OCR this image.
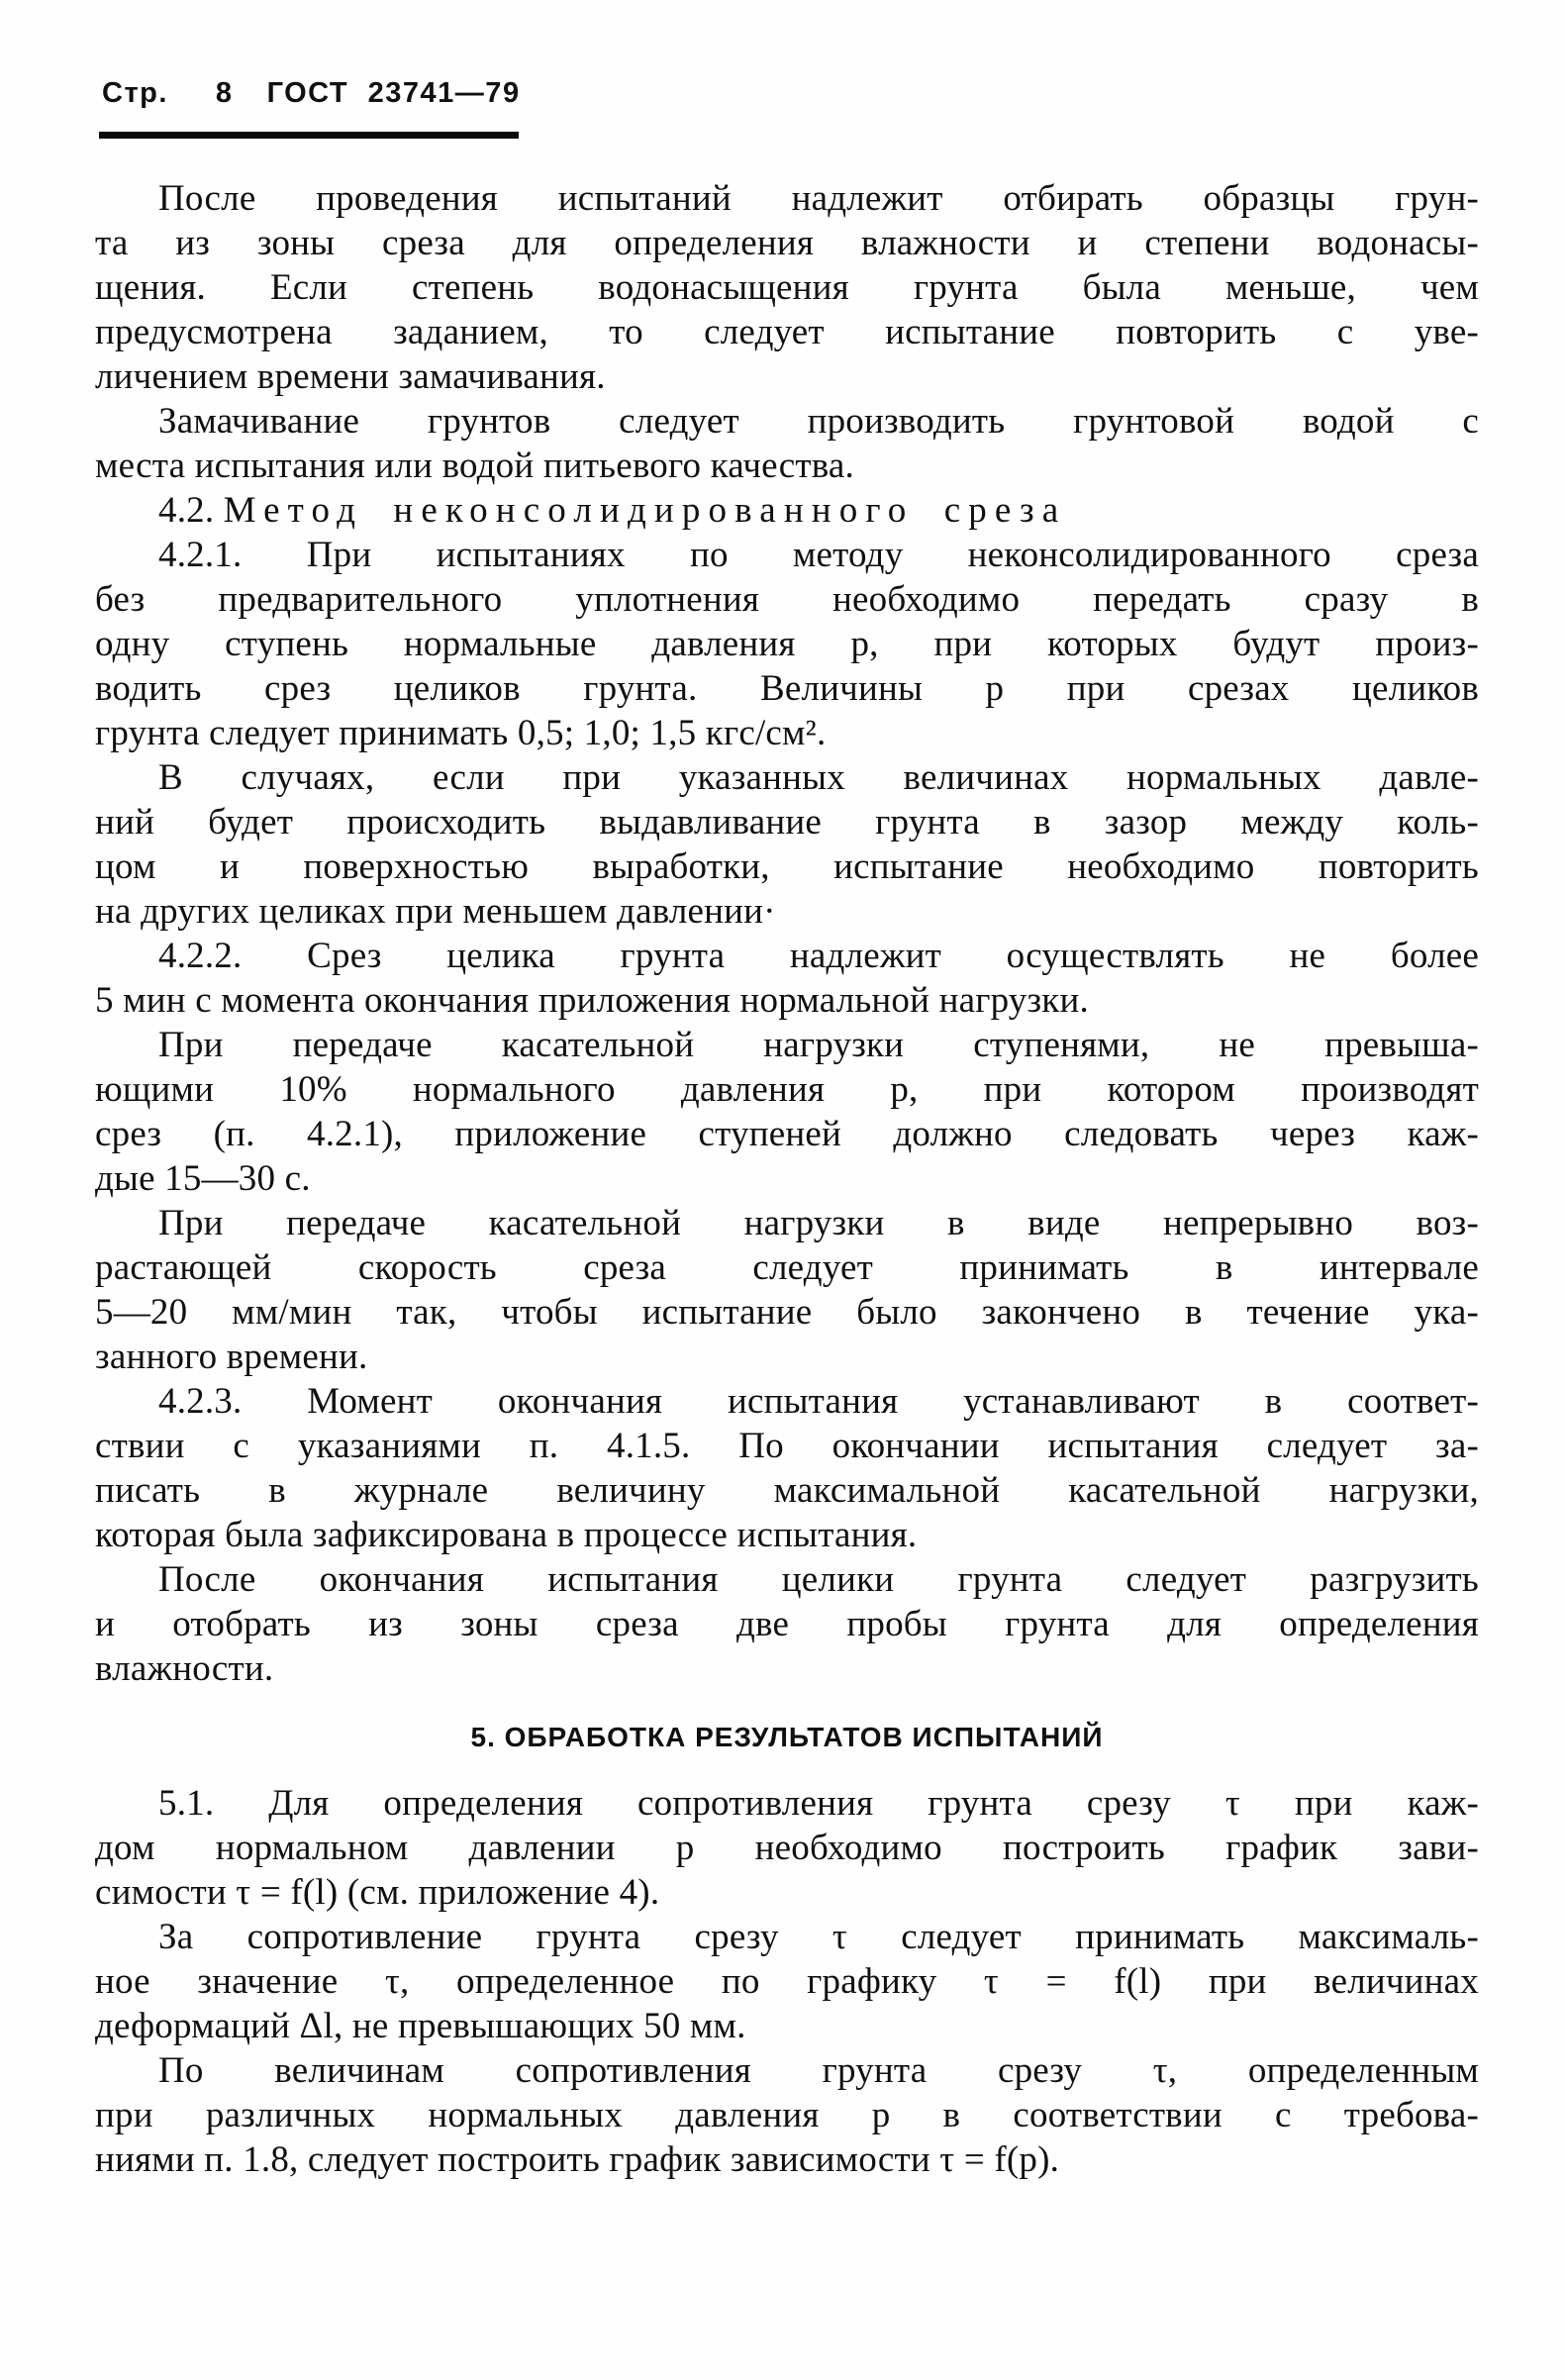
Стр. 8 ГОСТ 23741—79
После проведения испытаний надлежит отбирать образцы грун-
та из зоны среза для определения влажности и степени водонасы-
щения. Если степень водонасыщения грунта была меньше, чем
предусмотрена заданием, то следует испытание повторить с уве-
личением времени замачивания.
Замачивание грунтов следует производить грунтовой водой с
места испытания или водой питьевого качества.
4.2. Метод неконсолидированного среза
4.2.1. При испытаниях по методу неконсолидированного среза
без предварительного уплотнения необходимо передать сразу в
одну ступень нормальные давления p, при которых будут произ-
водить срез целиков грунта. Величины p при срезах целиков
грунта следует принимать 0,5; 1,0; 1,5 кгс/см².
В случаях, если при указанных величинах нормальных давле-
ний будет происходить выдавливание грунта в зазор между коль-
цом и поверхностью выработки, испытание необходимо повторить
на других целиках при меньшем давлении·
4.2.2. Срез целика грунта надлежит осуществлять не более
5 мин с момента окончания приложения нормальной нагрузки.
При передаче касательной нагрузки ступенями, не превыша-
ющими 10% нормального давления p, при котором производят
срез (п. 4.2.1), приложение ступеней должно следовать через каж-
дые 15—30 с.
При передаче касательной нагрузки в виде непрерывно воз-
растающей скорость среза следует принимать в интервале
5—20 мм/мин так, чтобы испытание было закончено в течение ука-
занного времени.
4.2.3. Момент окончания испытания устанавливают в соответ-
ствии с указаниями п. 4.1.5. По окончании испытания следует за-
писать в журнале величину максимальной касательной нагрузки,
которая была зафиксирована в процессе испытания.
После окончания испытания целики грунта следует разгрузить
и отобрать из зоны среза две пробы грунта для определения
влажности.
5. ОБРАБОТКА РЕЗУЛЬТАТОВ ИСПЫТАНИЙ
5.1. Для определения сопротивления грунта срезу τ при каж-
дом нормальном давлении p необходимо построить график зави-
симости τ = f(l) (см. приложение 4).
За сопротивление грунта срезу τ следует принимать максималь-
ное значение τ, определенное по графику τ = f(l) при величинах
деформаций Δl, не превышающих 50 мм.
По величинам сопротивления грунта срезу τ, определенным
при различных нормальных давления p в соответствии с требова-
ниями п. 1.8, следует построить график зависимости τ = f(p).
